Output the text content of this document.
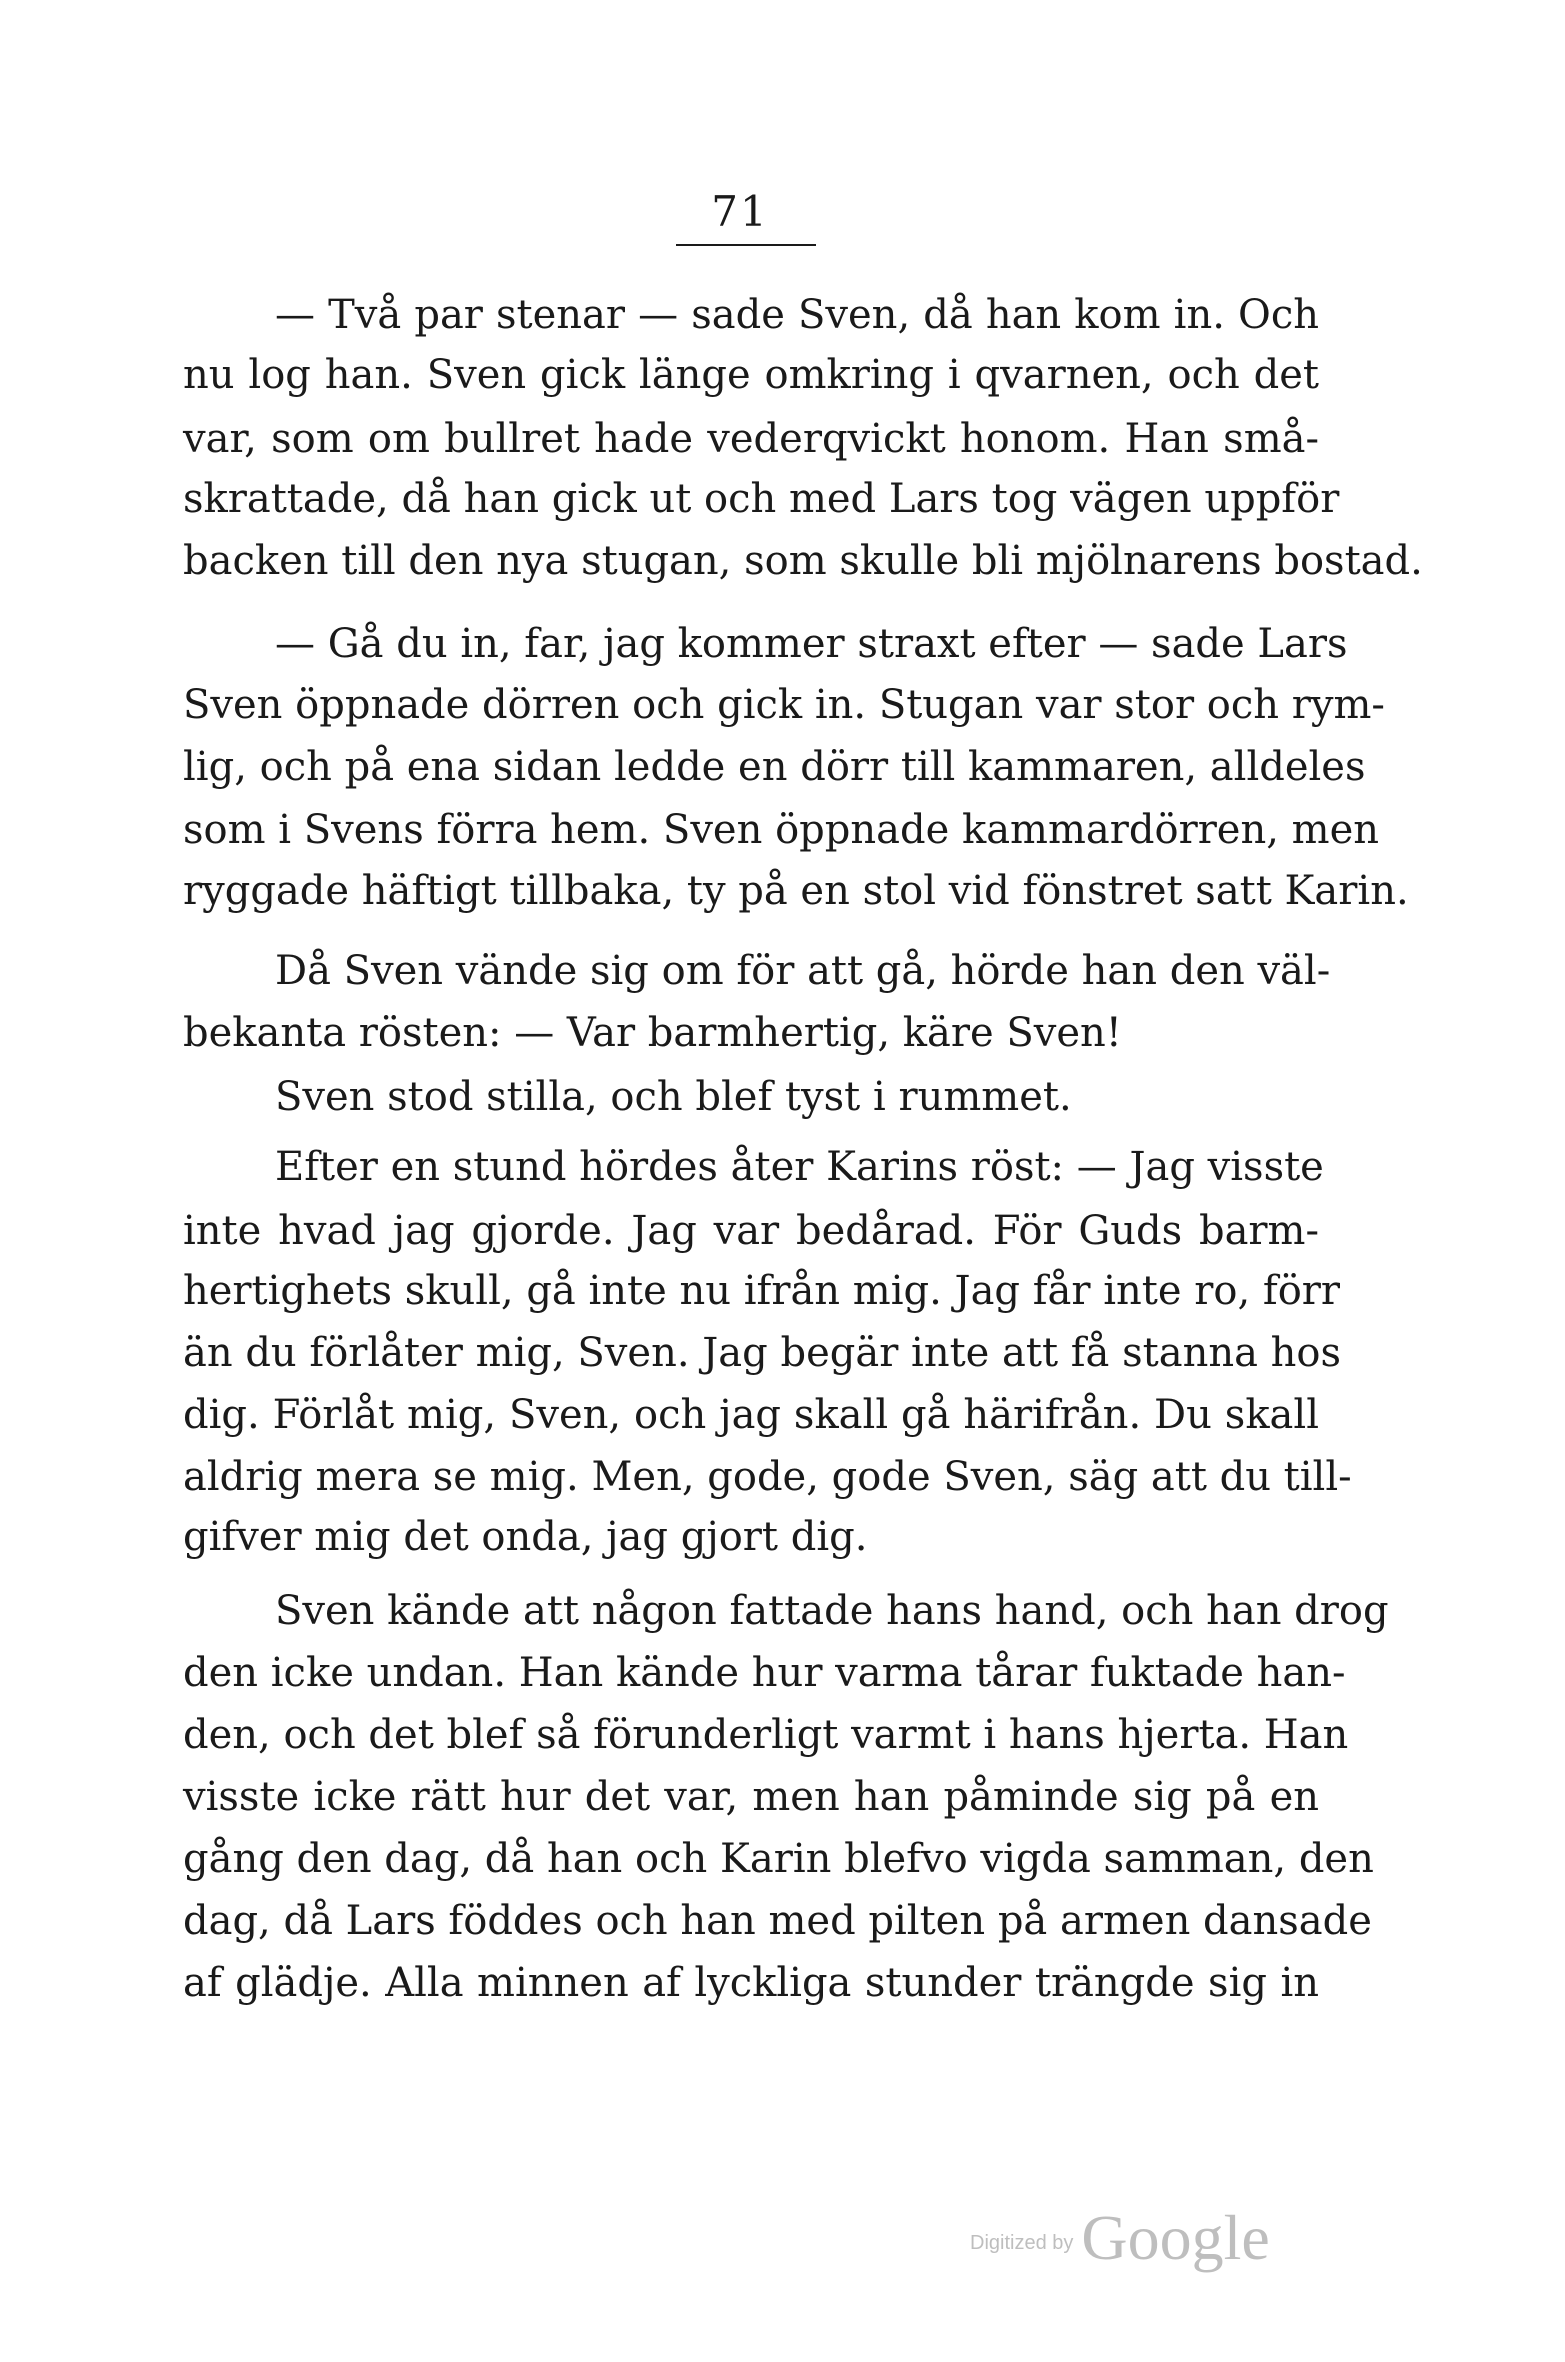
71
— Två par stenar — sade Sven, då han kom in. Och
nu log han. Sven gick länge omkring i qvarnen, och det
var, som om bullret hade vederqvickt honom. Han små-
skrattade, då han gick ut och med Lars tog vägen uppför
backen till den nya stugan, som skulle bli mjölnarens bostad.
— Gå du in, far, jag kommer straxt efter — sade Lars
Sven öppnade dörren och gick in. Stugan var stor och rym-
lig, och på ena sidan ledde en dörr till kammaren, alldeles
som i Svens förra hem. Sven öppnade kammardörren, men
ryggade häftigt tillbaka, ty på en stol vid fönstret satt Karin.
Då Sven vände sig om för att gå, hörde han den väl-
bekanta rösten: — Var barmhertig, käre Sven!
Sven stod stilla, och blef tyst i rummet.
Efter en stund hördes åter Karins röst: — Jag visste
inte hvad jag gjorde. Jag var bedårad. För Guds barm-
hertighets skull, gå inte nu ifrån mig. Jag får inte ro, förr
än du förlåter mig, Sven. Jag begär inte att få stanna hos
dig. Förlåt mig, Sven, och jag skall gå härifrån. Du skall
aldrig mera se mig. Men, gode, gode Sven, säg att du till-
gifver mig det onda, jag gjort dig.
Sven kände att någon fattade hans hand, och han drog
den icke undan. Han kände hur varma tårar fuktade han-
den, och det blef så förunderligt varmt i hans hjerta. Han
visste icke rätt hur det var, men han påminde sig på en
gång den dag, då han och Karin blefvo vigda samman, den
dag, då Lars föddes och han med pilten på armen dansade
af glädje. Alla minnen af lyckliga stunder trängde sig in
Digitized by Google
